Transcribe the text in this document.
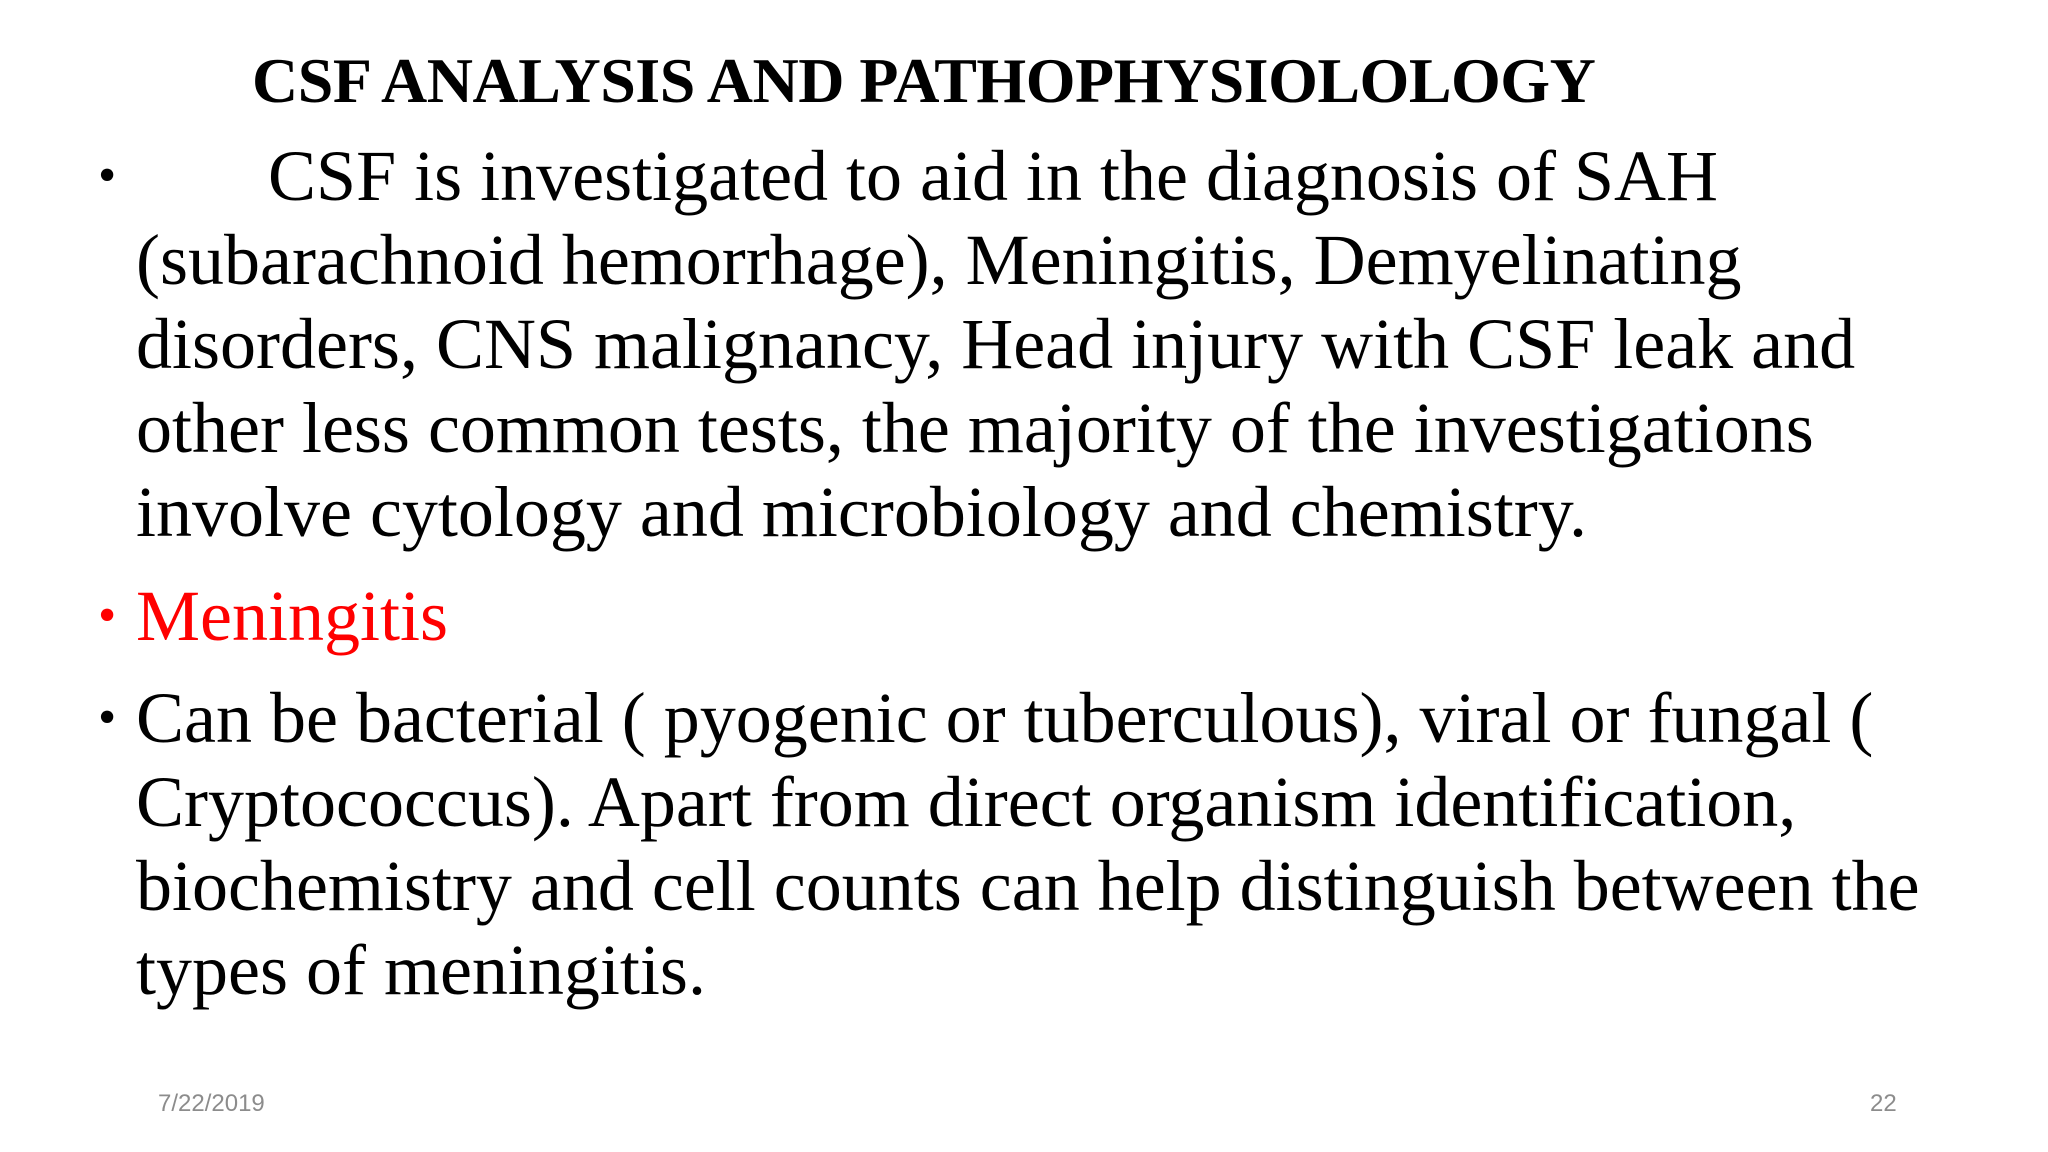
CSF ANALYSIS AND PATHOPHYSIOLOLOGY
•	CSF is investigated to aid in the diagnosis of SAH (subarachnoid hemorrhage), Meningitis, Demyelinating disorders, CNS malignancy, Head injury with CSF leak and other less common tests, the majority of the investigations involve cytology and microbiology and chemistry.
• Meningitis
• Can be bacterial ( pyogenic or tuberculous), viral or fungal ( Cryptococcus). Apart from direct organism identification, biochemistry and cell counts can help distinguish between the types of meningitis.
7/22/2019	22
